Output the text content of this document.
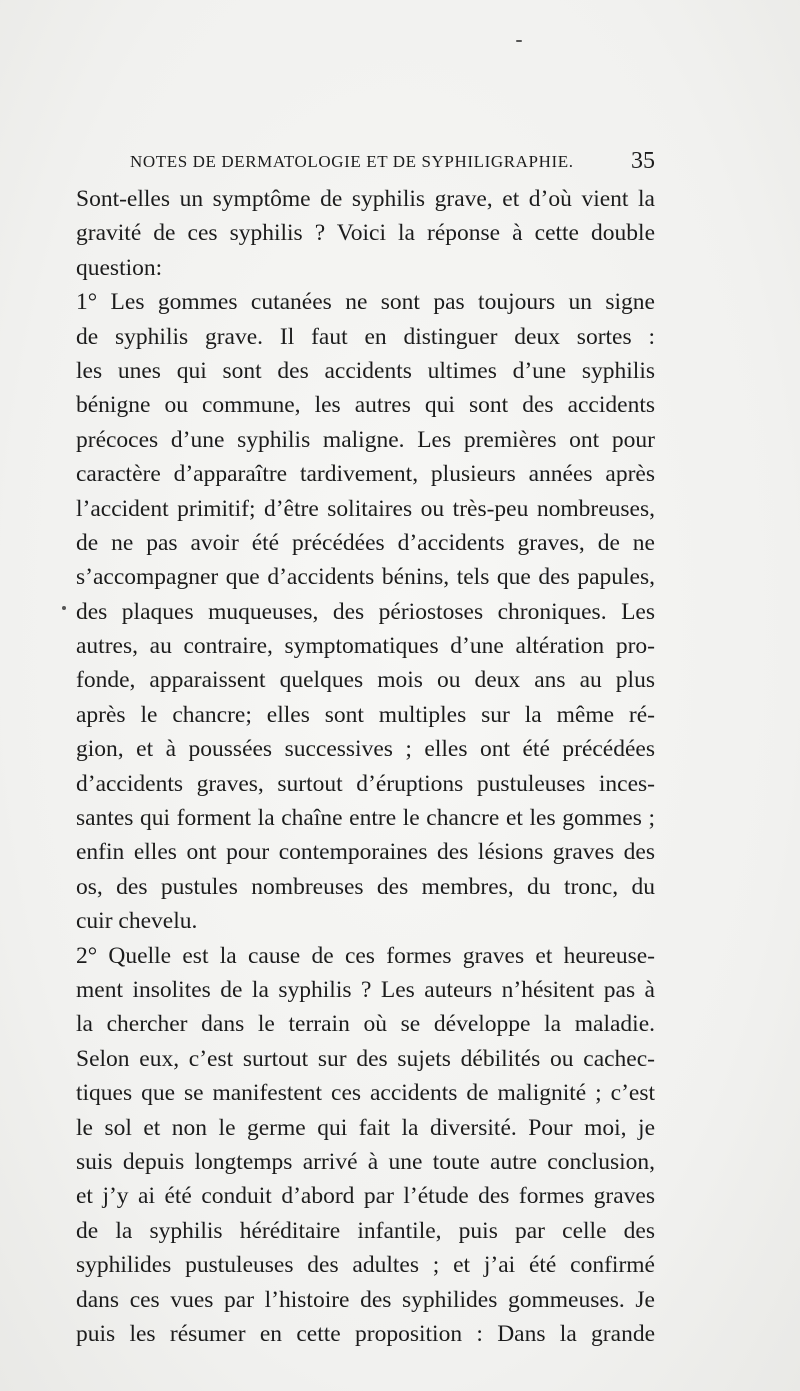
NOTES DE DERMATOLOGIE ET DE SYPHILIGRAPHIE. 35
Sont-elles un symptôme de syphilis grave, et d’où vient la
gravité de ces syphilis ? Voici la réponse à cette double
question:
1° Les gommes cutanées ne sont pas toujours un signe
de syphilis grave. Il faut en distinguer deux sortes :
les unes qui sont des accidents ultimes d’une syphilis
bénigne ou commune, les autres qui sont des accidents
précoces d’une syphilis maligne. Les premières ont pour
caractère d’apparaître tardivement, plusieurs années après
l’accident primitif; d’être solitaires ou très-peu nombreuses,
de ne pas avoir été précédées d’accidents graves, de ne
s’accompagner que d’accidents bénins, tels que des papules,
des plaques muqueuses, des périostoses chroniques. Les
autres, au contraire, symptomatiques d’une altération pro-
fonde, apparaissent quelques mois ou deux ans au plus
après le chancre; elles sont multiples sur la même ré-
gion, et à poussées successives ; elles ont été précédées
d’accidents graves, surtout d’éruptions pustuleuses inces-
santes qui forment la chaîne entre le chancre et les gommes ;
enfin elles ont pour contemporaines des lésions graves des
os, des pustules nombreuses des membres, du tronc, du
cuir chevelu.
2° Quelle est la cause de ces formes graves et heureuse-
ment insolites de la syphilis ? Les auteurs n’hésitent pas à
la chercher dans le terrain où se développe la maladie.
Selon eux, c’est surtout sur des sujets débilités ou cachec-
tiques que se manifestent ces accidents de malignité ; c’est
le sol et non le germe qui fait la diversité. Pour moi, je
suis depuis longtemps arrivé à une toute autre conclusion,
et j’y ai été conduit d’abord par l’étude des formes graves
de la syphilis héréditaire infantile, puis par celle des
syphilides pustuleuses des adultes ; et j’ai été confirmé
dans ces vues par l’histoire des syphilides gommeuses. Je
puis les résumer en cette proposition : Dans la grande
